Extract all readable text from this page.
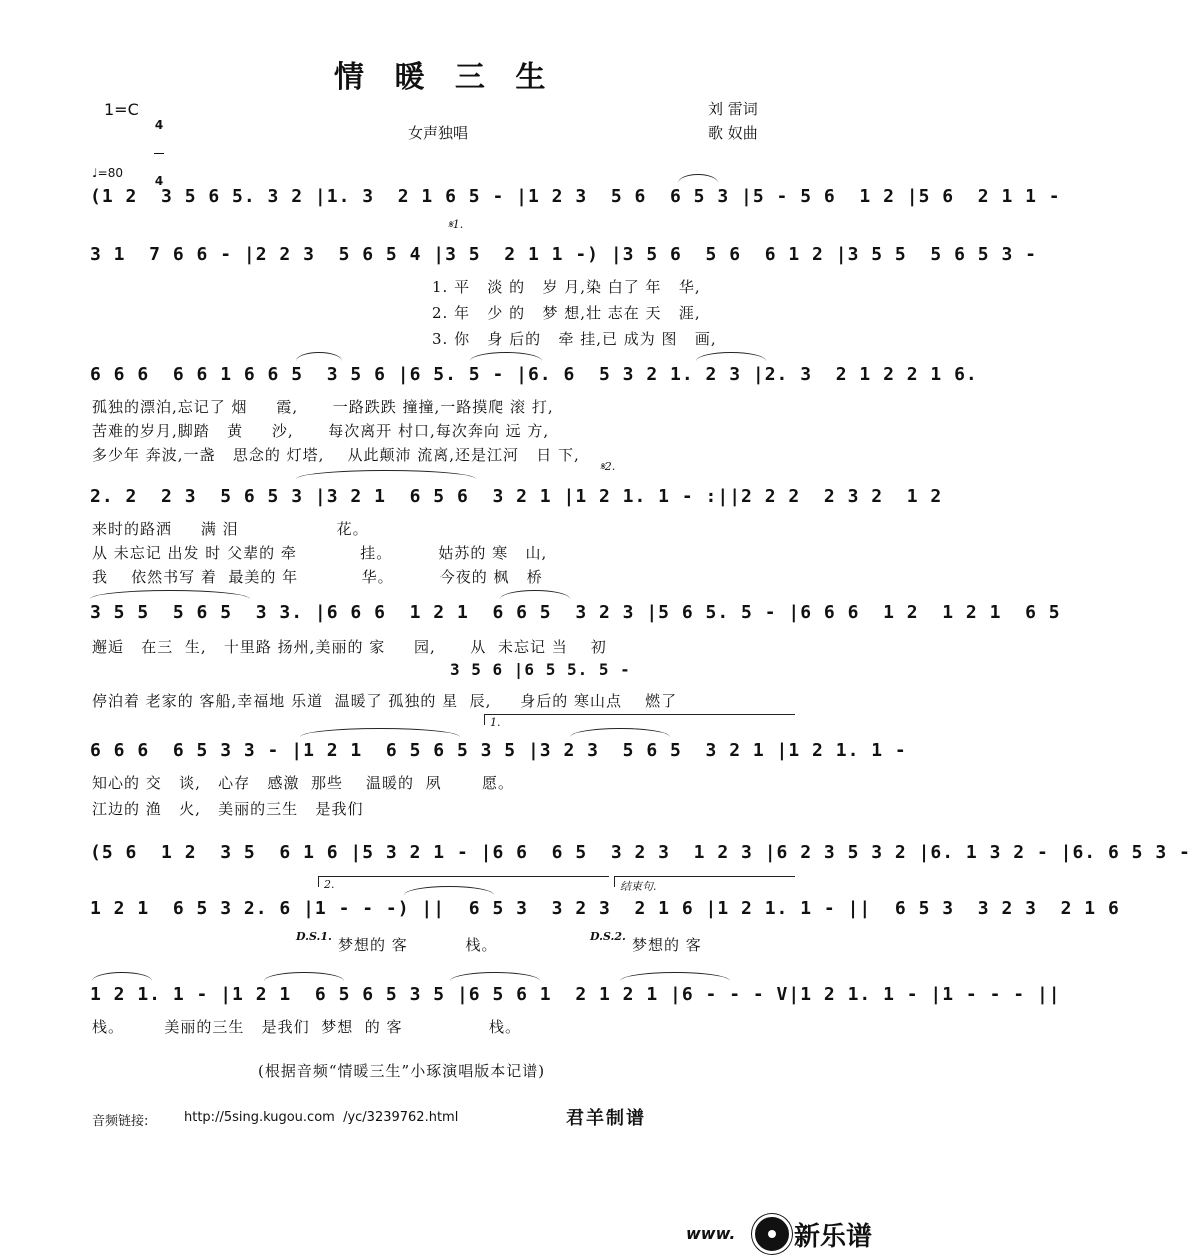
情 暖 三 生
1=C

4

4

女声独唱
刘 雷词
歌 奴曲
♩=80
(1 2  3 5 6 5. 3 2 |1. 3  2 1 6 5 - |1 2 3  5 6  6 5 3 |5 - 5 6  1 2 |5 6  2 1 1 -
𝄋1.
3 1  7 6 6 - |2 2 3  5 6 5 4 |3 5  2 1 1 -) |3 5 6  5 6  6 1 2 |3 5 5  5 6 5 3 -
1. 平   淡 的   岁 月,染 白了 年   华,
2. 年   少 的   梦 想,壮 志在 天   涯,
3. 你   身 后的   牵 挂,已 成为 图   画,
6 6 6  6 6 1 6 6 5  3 5 6 |6 5. 5 - |6. 6  5 3 2 1. 2 3 |2. 3  2 1 2 2 1 6.
孤独的漂泊,忘记了 烟     霞,      一路跌跌 撞撞,一路摸爬 滚 打,
苦难的岁月,脚踏   黄     沙,      每次离开 村口,每次奔向 远 方,
多少年 奔波,一盏   思念的 灯塔,    从此颠沛 流离,还是江河   日 下,
𝄋2.
2. 2  2 3  5 6 5 3 |3 2 1  6 5 6  3 2 1 |1 2 1. 1 - :||2 2 2  2 3 2  1 2
来时的路洒     满 泪                 花。
从 未忘记 出发 时 父辈的 牵           挂。        姑苏的 寒   山,
我    依然书写 着  最美的 年           华。        今夜的 枫   桥
3 5 5  5 6 5  3 3. |6 6 6  1 2 1  6 6 5  3 2 3 |5 6 5. 5 - |6 6 6  1 2  1 2 1  6 5
邂逅   在三  生,   十里路 扬州,美丽的 家     园,      从  未忘记 当    初
3 5 6 |6 5 5. 5 -
停泊着 老家的 客船,幸福地 乐道  温暖了 孤独的 星  辰,     身后的 寒山点    燃了
1.
6 6 6  6 5 3 3 - |1 2 1  6 5 6 5 3 5 |3 2 3  5 6 5  3 2 1 |1 2 1. 1 -
知心的 交   谈,   心存   感激  那些    温暖的  夙       愿。
江边的 渔   火,   美丽的三生   是我们
(5 6  1 2  3 5  6 1 6 |5 3 2 1 - |6 6  6 5  3 2 3  1 2 3 |6 2 3 5 3 2 |6. 1 3 2 - |6. 6 5 3 -
2.	结束句.
1 2 1  6 5 3 2. 6 |1 - - -) ||  6 5 3  3 2 3  2 1 6 |1 2 1. 1 - ||  6 5 3  3 2 3  2 1 6
D.S.1. 梦想的 客          栈。	D.S.2. 梦想的 客
1 2 1. 1 - |1 2 1  6 5 6 5 3 5 |6 5 6 1  2 1 2 1 |6 - - - V|1 2 1. 1 - |1 - - - ||
栈。       美丽的三生   是我们  梦想  的 客               栈。
(根据音频“情暖三生”小琢演唱版本记谱)
音频链接:	http://5sing.kugou.com  /yc/3239762.html	君羊制谱
www. 新乐谱
